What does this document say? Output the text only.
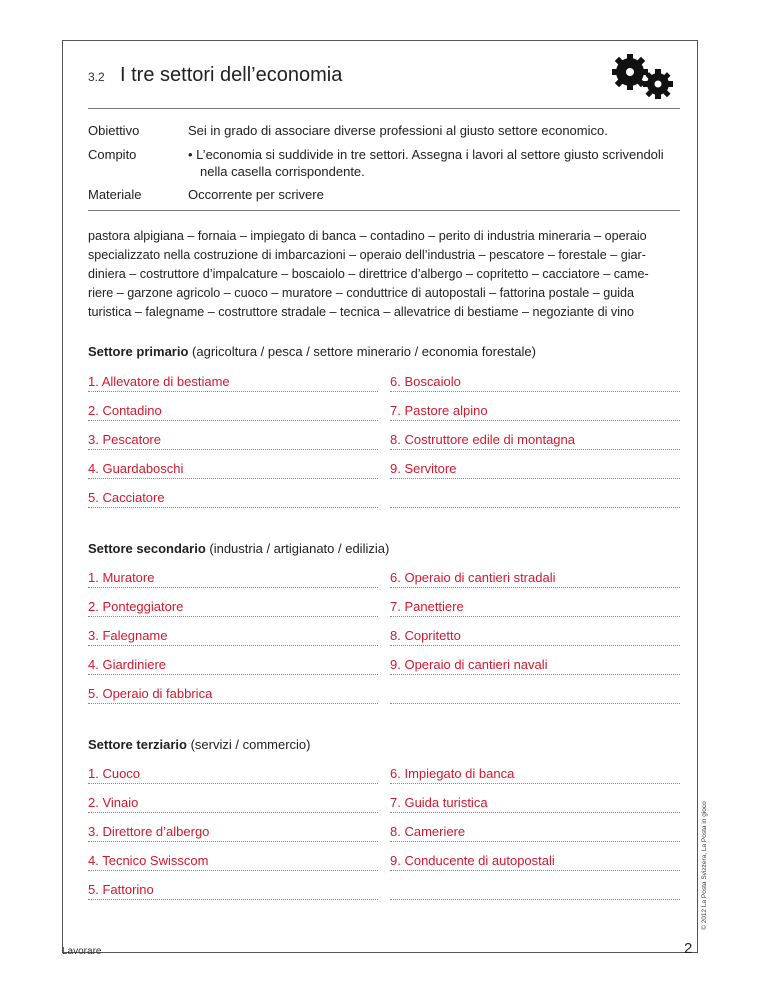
3.2 I tre settori dell’economia
Obiettivo	Sei in grado di associare diverse professioni al giusto settore economico.
Compito	• L’economia si suddivide in tre settori. Assegna i lavori al settore giusto scrivendoli
nella casella corrispondente.
Materiale	Occorrente per scrivere
pastora alpigiana – fornaia – impiegato di banca – contadino – perito di industria mineraria – operaio
specializzato nella costruzione di imbarcazioni – operaio dell’industria – pescatore – forestale – giar-
diniera – costruttore d’impalcature – boscaiolo – direttrice d’albergo – copritetto – cacciatore – came-
riere – garzone agricolo – cuoco – muratore – conduttrice di autopostali – fattorina postale – guida
turistica – falegname – costruttore stradale – tecnica – allevatrice di bestiame – negoziante di vino
Settore primario (agricoltura / pesca / settore minerario / economia forestale)
1. Allevatore di bestiame	6. Boscaiolo
2. Contadino	7. Pastore alpino
3. Pescatore	8. Costruttore edile di montagna
4. Guardaboschi	9. Servitore
5. Cacciatore
Settore secondario (industria / artigianato / edilizia)
1. Muratore	6. Operaio di cantieri stradali
2. Ponteggiatore	7. Panettiere
3. Falegname	8. Copritetto
4. Giardiniere	9. Operaio di cantieri navali
5. Operaio di fabbrica
Settore terziario (servizi / commercio)
1. Cuoco	6. Impiegato di banca
2. Vinaio	7. Guida turistica
3. Direttore d’albergo	8. Cameriere
4. Tecnico Swisscom	9. Conducente di autopostali
5. Fattorino	© 2012 La Posta Svizzera, La Posta in gioco
Lavorare	2
